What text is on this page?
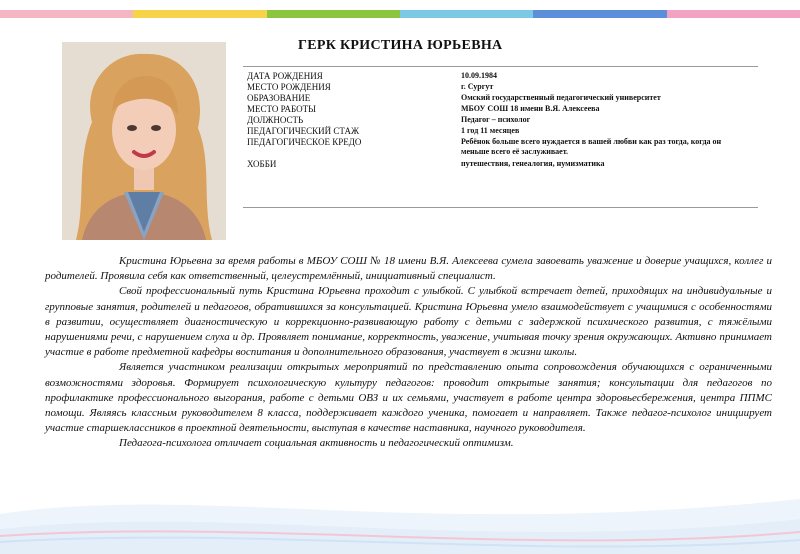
ГЕРК КРИСТИНА ЮРЬЕВНА
ДАТА РОЖДЕНИЯ	10.09.1984
МЕСТО РОЖДЕНИЯ	г. Сургут
ОБРАЗОВАНИЕ	Омский государственный педагогический университет
МЕСТО РАБОТЫ	МБОУ СОШ 18 имени В.Я. Алексеева
ДОЛЖНОСТЬ	Педагог – психолог
ПЕДАГОГИЧЕСКИЙ СТАЖ	1 год 11 месяцев
ПЕДАГОГИЧЕСКОЕ КРЕДО	Ребёнок больше всего нуждается в вашей любви как раз тогда, когда он меньше всего её заслуживает.
ХОББИ	путешествия, генеалогия, нумизматика

Кристина Юрьевна за время работы в МБОУ СОШ № 18 имени В.Я. Алексеева сумела завоевать уважение и доверие учащихся, коллег и родителей. Проявила себя как ответственный, целеустремлённый, инициативный специалист.

Свой профессиональный путь Кристина Юрьевна проходит с улыбкой. С улыбкой встречает детей, приходящих на индивидуальные и групповые занятия, родителей и педагогов, обратившихся за консультацией. Кристина Юрьевна умело взаимодействует с учащимися с особенностями в развитии, осуществляет диагностическую и коррекционно-развивающую работу с детьми с задержкой психического развития, с тяжёлыми нарушениями речи, с нарушением слуха и др. Проявляет понимание, корректность, уважение, учитывая точку зрения окружающих. Активно принимает участие в работе предметной кафедры воспитания и дополнительного образования, участвует в жизни школы.

Является участником реализации открытых мероприятий по представлению опыта сопровождения обучающихся с ограниченными возможностями здоровья. Формирует психологическую культуру педагогов: проводит открытые занятия; консультации для педагогов по профилактике профессионального выгорания, работе с детьми ОВЗ и их семьями, участвует в работе центра здоровьесбережения, центра ППМС помощи. Являясь классным руководителем 8 класса, поддерживает каждого ученика, помогает и направляет. Также педагог-психолог инициирует участие старшеклассников в проектной деятельности, выступая в качестве наставника, научного руководителя.

Педагога-психолога отличает социальная активность и педагогический оптимизм.
